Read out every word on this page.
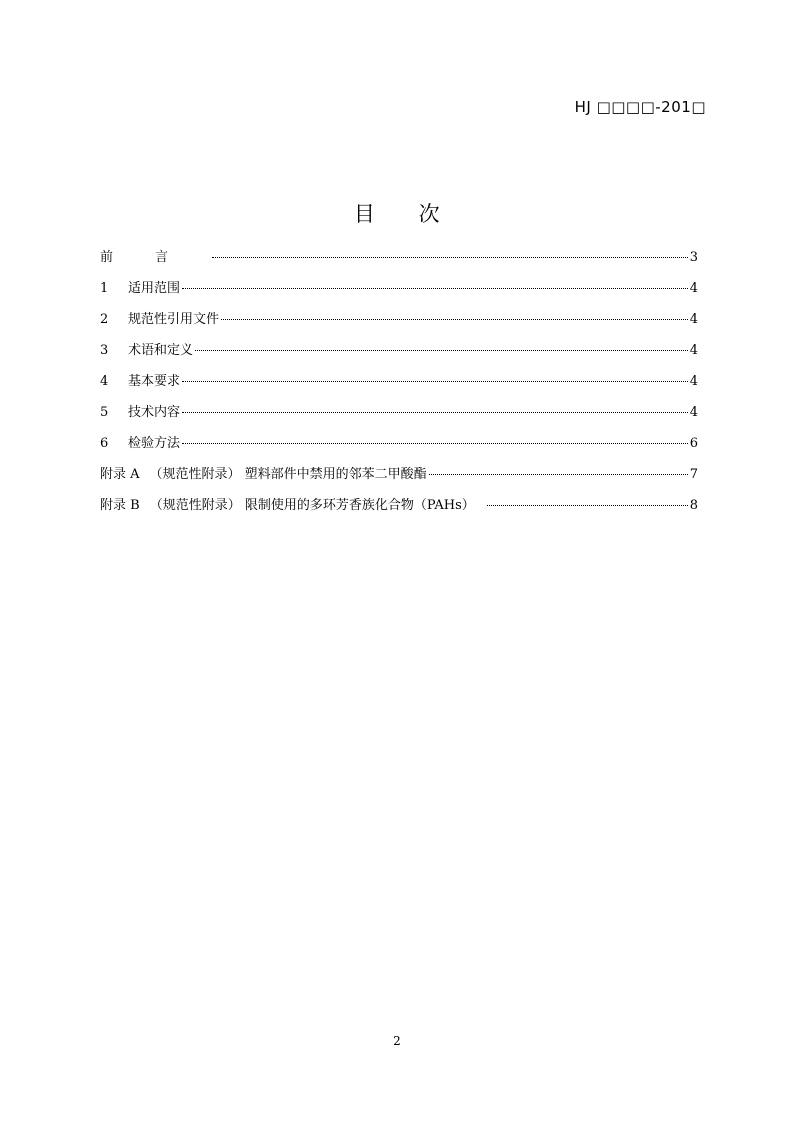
HJ □□□□-201□
目 次
前言	3
1	适用范围	4
2	规范性引用文件	4
3	术语和定义	4
4	基本要求	4
5	技术内容	4
6	检验方法	6
附录 A （规范性附录） 塑料部件中禁用的邻苯二甲酸酯	7
附录 B （规范性附录） 限制使用的多环芳香族化合物（PAHs）	8
2
